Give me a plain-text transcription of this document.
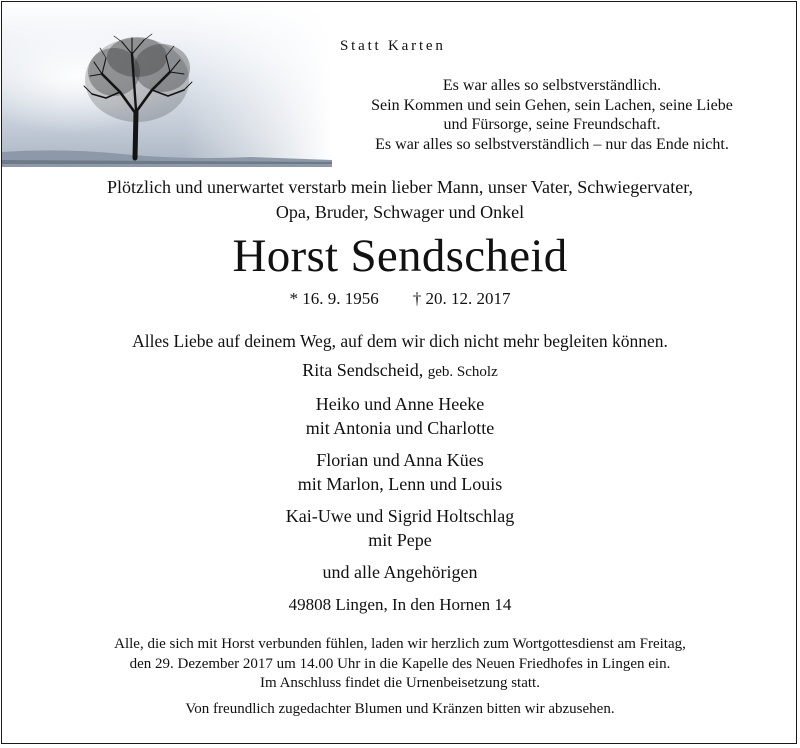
Statt Karten
Es war alles so selbstverständlich.
Sein Kommen und sein Gehen, sein Lachen, seine Liebe
und Fürsorge, seine Freundschaft.
Es war alles so selbstverständlich – nur das Ende nicht.
Plötzlich und unerwartet verstarb mein lieber Mann, unser Vater, Schwiegervater,
Opa, Bruder, Schwager und Onkel
Horst Sendscheid
* 16. 9. 1956 † 20. 12. 2017
Alles Liebe auf deinem Weg, auf dem wir dich nicht mehr begleiten können.
Rita Sendscheid, geb. Scholz
Heiko und Anne Heeke
mit Antonia und Charlotte
Florian und Anna Kües
mit Marlon, Lenn und Louis
Kai-Uwe und Sigrid Holtschlag
mit Pepe
und alle Angehörigen
49808 Lingen, In den Hornen 14
Alle, die sich mit Horst verbunden fühlen, laden wir herzlich zum Wortgottesdienst am Freitag,
den 29. Dezember 2017 um 14.00 Uhr in die Kapelle des Neuen Friedhofes in Lingen ein.
Im Anschluss findet die Urnenbeisetzung statt.
Von freundlich zugedachter Blumen und Kränzen bitten wir abzusehen.
